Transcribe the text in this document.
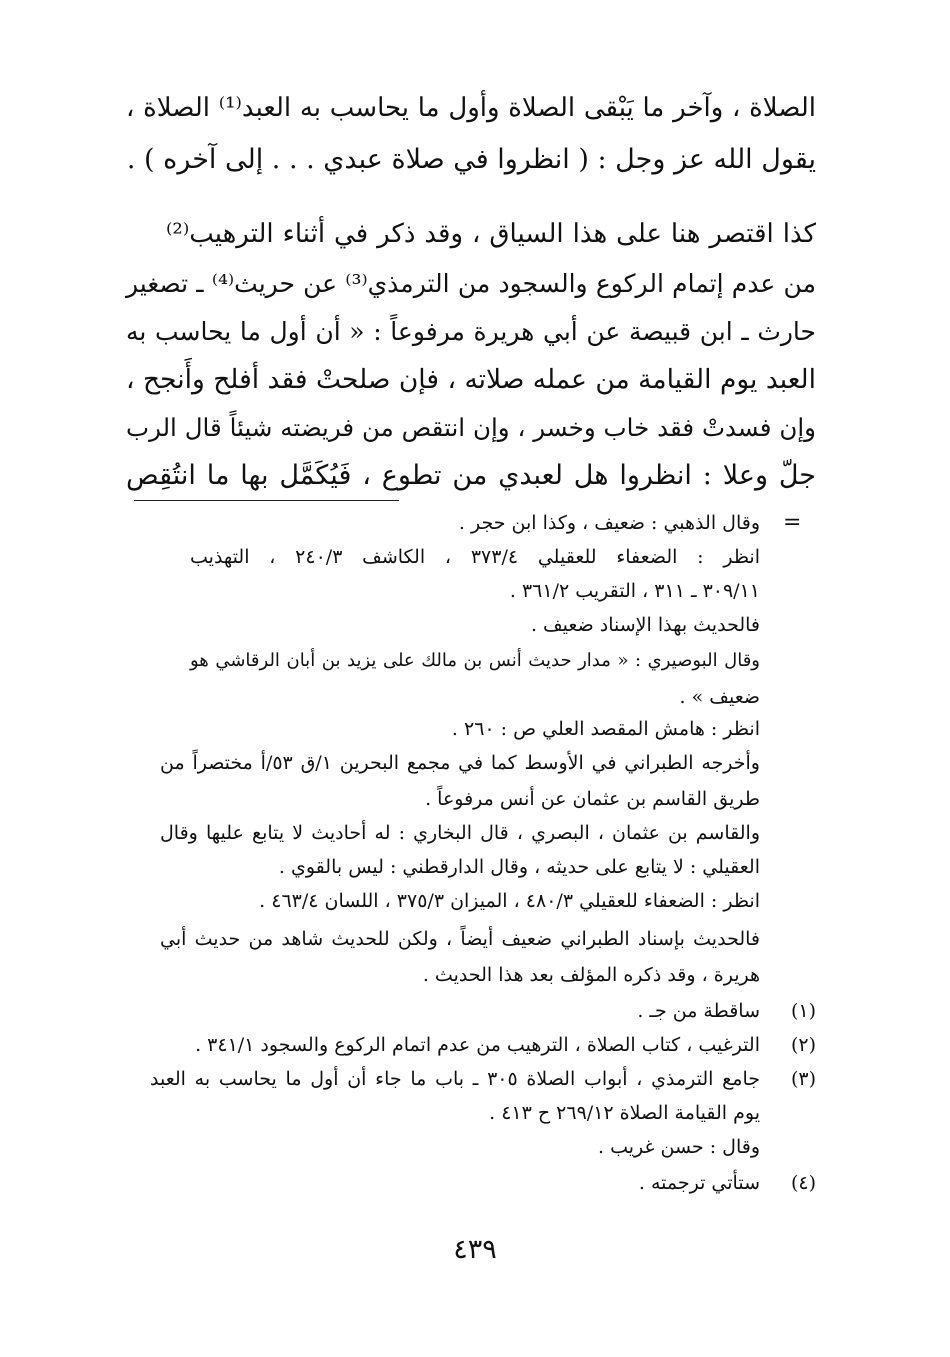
الصلاة ، وآخر ما يَبْقى الصلاة وأول ما يحاسب به العبد⁽¹⁾ الصلاة ،
يقول الله عز وجل : ( انظروا في صلاة عبدي . . . إلى آخره ) .
كذا اقتصر هنا على هذا السياق ، وقد ذكر في أثناء الترهيب⁽²⁾
من عدم إتمام الركوع والسجود من الترمذي⁽³⁾ عن حريث⁽⁴⁾ ـ تصغير
حارث ـ ابن قبيصة عن أبي هريرة مرفوعاً : « أن أول ما يحاسب به
العبد يوم القيامة من عمله صلاته ، فإن صلحتْ فقد أفلح وأَنجح ،
وإن فسدتْ فقد خاب وخسر ، وإن انتقص من فريضته شيئاً قال الرب
جلّ وعلا : انظروا هل لعبدي من تطوع ، فَيُكَمَّل بها ما انتُقِص
=
وقال الذهبي : ضعيف ، وكذا ابن حجر .
انظر : الضعفاء للعقيلي ٣٧٣/٤ ، الكاشف ٢٤٠/٣ ، التهذيب
٣٠٩/١١ ـ ٣١١ ، التقريب ٣٦١/٢ .
فالحديث بهذا الإسناد ضعيف .
وقال البوصيري : « مدار حديث أنس بن مالك على يزيد بن أبان الرقاشي هو
ضعيف » .
انظر : هامش المقصد العلي ص : ٢٦٠ .
وأخرجه الطبراني في الأوسط كما في مجمع البحرين ١/ق ٥٣/أ مختصراً من
طريق القاسم بن عثمان عن أنس مرفوعاً .
والقاسم بن عثمان ، البصري ، قال البخاري : له أحاديث لا يتابع عليها وقال
العقيلي : لا يتابع على حديثه ، وقال الدارقطني : ليس بالقوي .
انظر : الضعفاء للعقيلي ٤٨٠/٣ ، الميزان ٣٧٥/٣ ، اللسان ٤٦٣/٤ .
فالحديث بإسناد الطبراني ضعيف أيضاً ، ولكن للحديث شاهد من حديث أبي
هريرة ، وقد ذكره المؤلف بعد هذا الحديث .
(١)
ساقطة من جـ .
(٢)
الترغيب ، كتاب الصلاة ، الترهيب من عدم اتمام الركوع والسجود ٣٤١/١ .
(٣)
جامع الترمذي ، أبواب الصلاة ٣٠٥ ـ باب ما جاء أن أول ما يحاسب به العبد
يوم القيامة الصلاة ٢٦٩/١٢ ح ٤١٣ .
وقال : حسن غريب .
(٤)
ستأتي ترجمته .
٤٣٩
